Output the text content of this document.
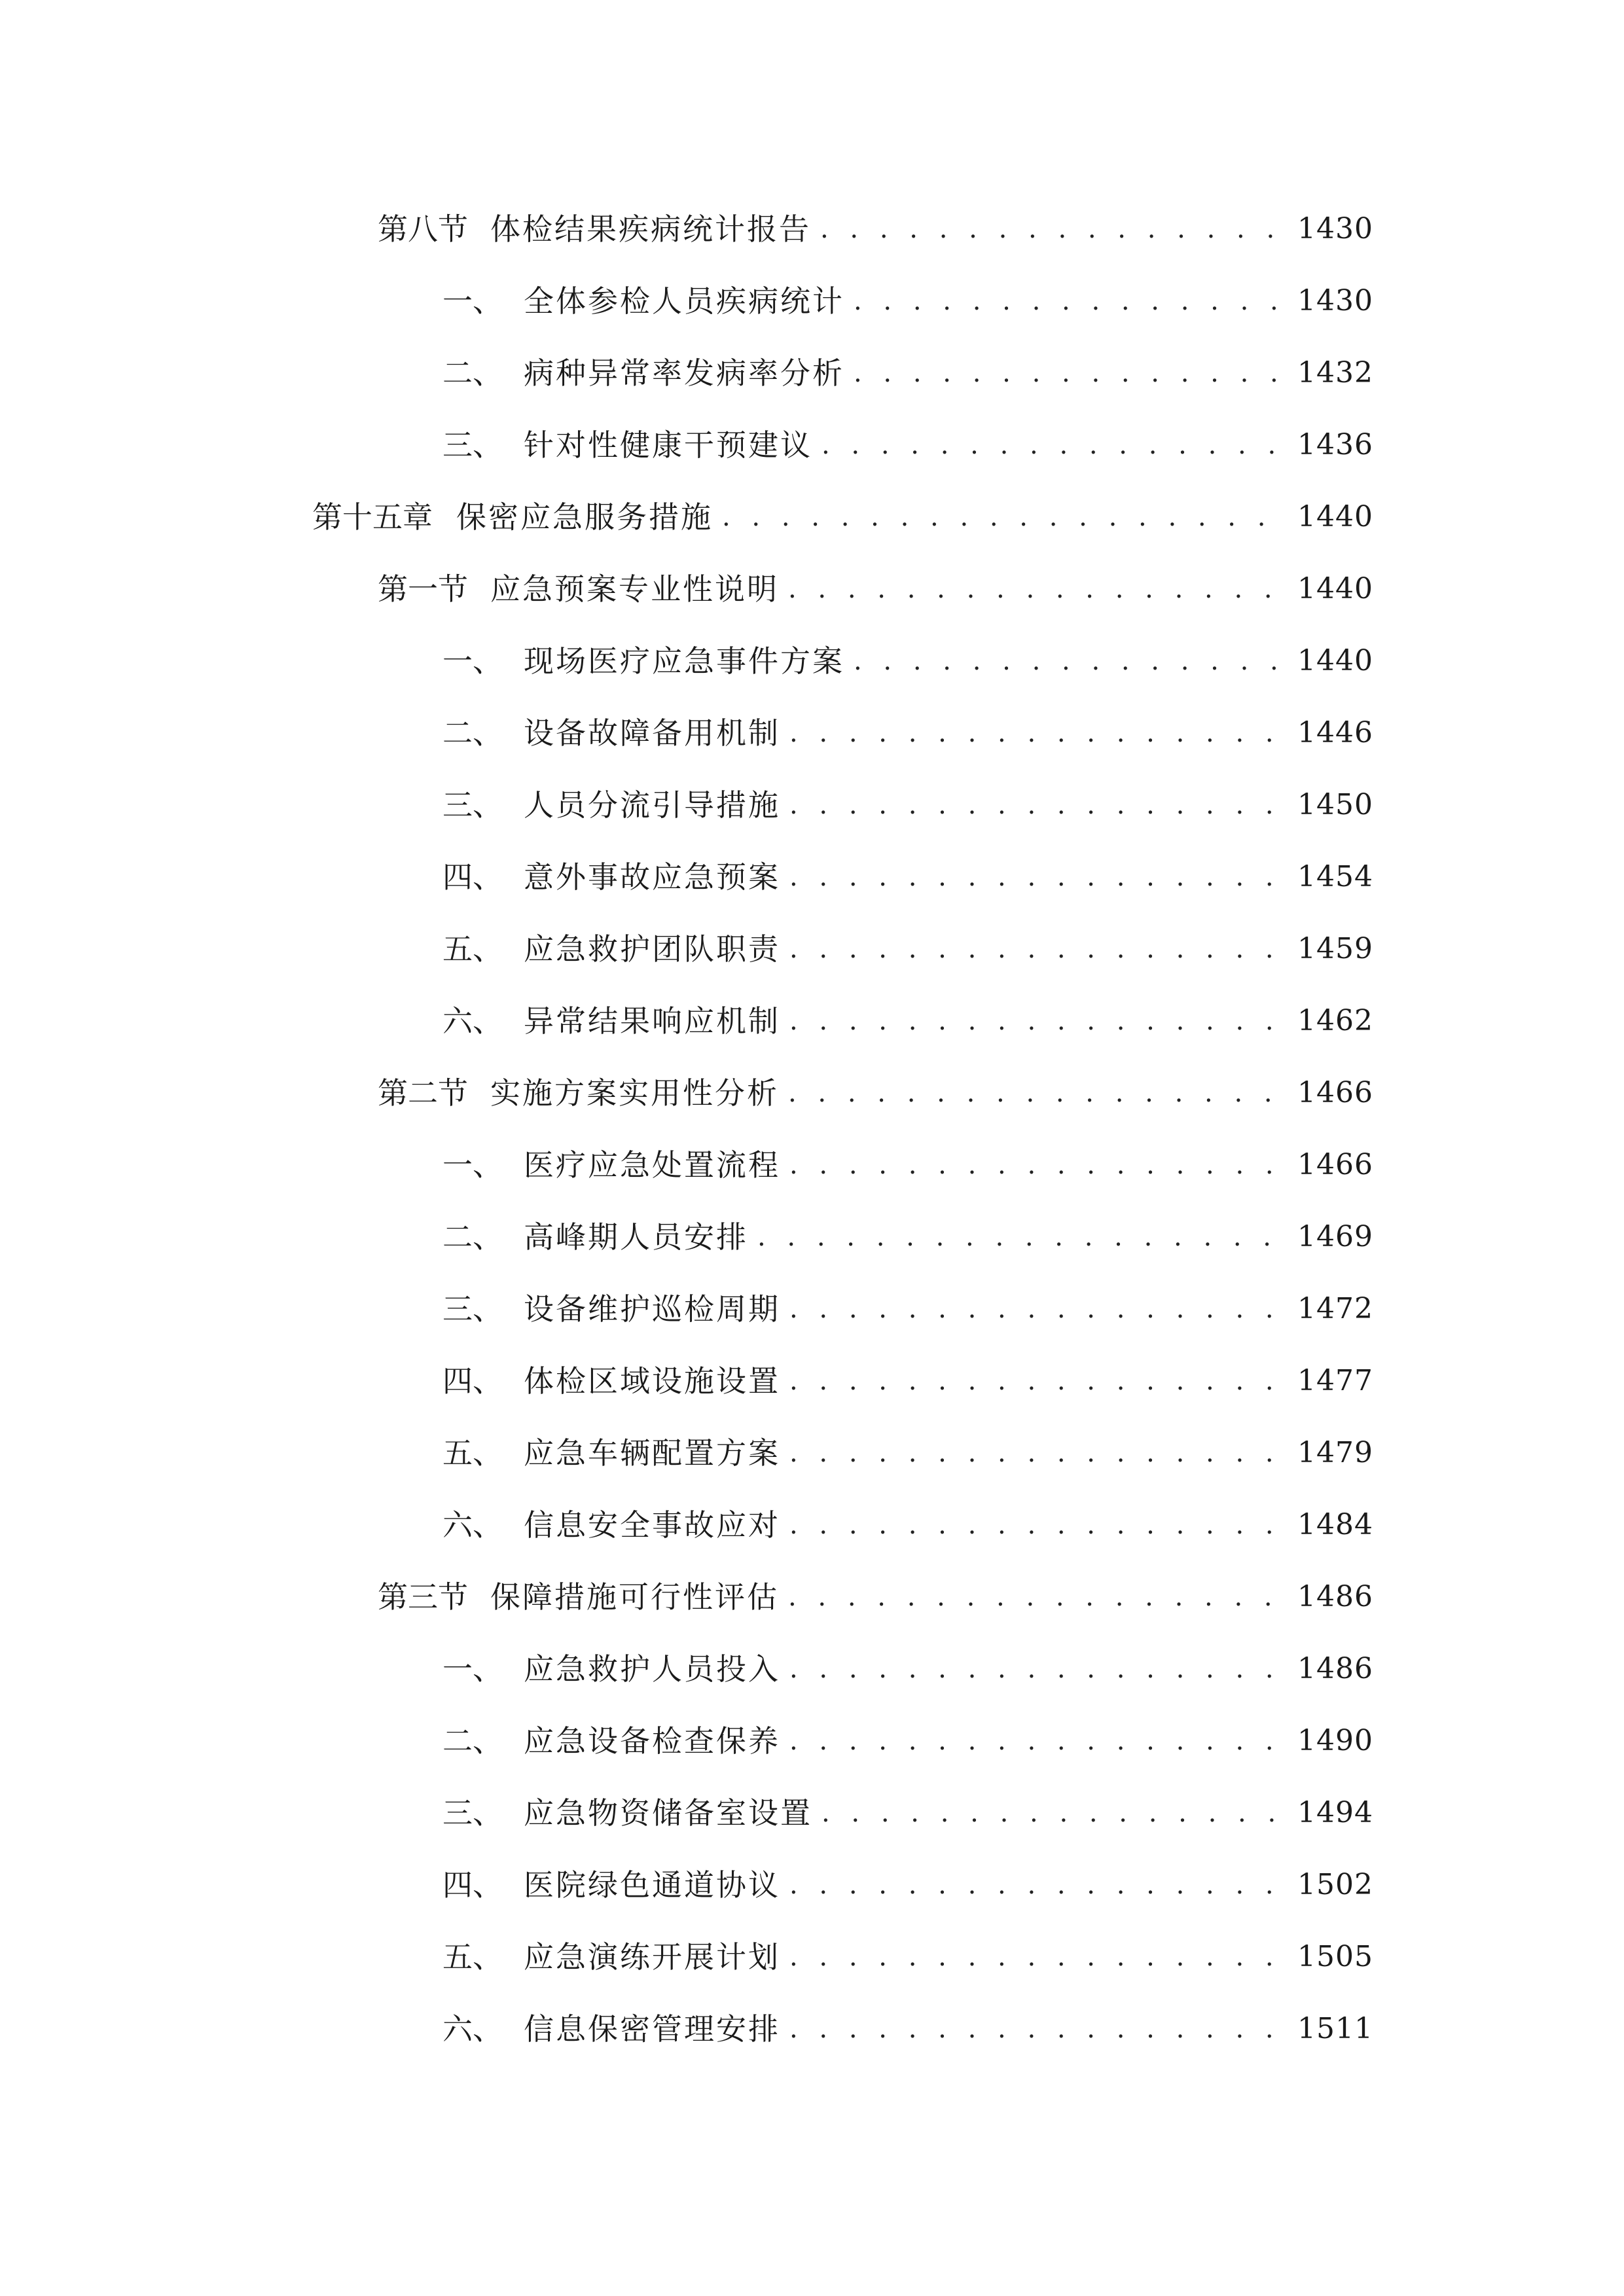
第八节 体检结果疾病统计报告 . . .	1430
一、 全体参检人员疾病统计 . . .	1430
二、 病种异常率发病率分析 . . .	1432
三、 针对性健康干预建议 . . .	1436
第十五章 保密应急服务措施 . . .	1440
第一节 应急预案专业性说明 . . .	1440
一、 现场医疗应急事件方案 . . .	1440
二、 设备故障备用机制 . . .	1446
三、 人员分流引导措施 . . .	1450
四、 意外事故应急预案 . . .	1454
五、 应急救护团队职责 . . .	1459
六、 异常结果响应机制 . . .	1462
第二节 实施方案实用性分析 . . .	1466
一、 医疗应急处置流程 . . .	1466
二、 高峰期人员安排 . . .	1469
三、 设备维护巡检周期 . . .	1472
四、 体检区域设施设置 . . .	1477
五、 应急车辆配置方案 . . .	1479
六、 信息安全事故应对 . . .	1484
第三节 保障措施可行性评估 . . .	1486
一、 应急救护人员投入 . . .	1486
二、 应急设备检查保养 . . .	1490
三、 应急物资储备室设置 . . .	1494
四、 医院绿色通道协议 . . .	1502
五、 应急演练开展计划 . . .	1505
六、 信息保密管理安排 . . .	1511
